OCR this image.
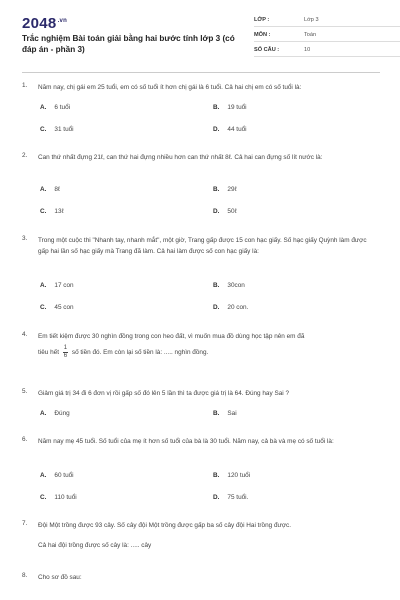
$2048^{.vn}$
Trắc nghiệm Bài toán giải bằng hai bước tính lớp 3 (có đáp án - phần 3)
LỚP :	Lớp 3
MÔN :	Toán
SỐ CÂU :	10
1. Năm nay, chị gái em 25 tuổi, em có số tuổi ít hơn chị gái là 6 tuổi. Cả hai chị em có số tuổi là:
A. 6 tuổi	B. 19 tuổi
C. 31 tuổi	D. 44 tuổi
2. Can thứ nhất đựng 21ℓ, can thứ hai đựng nhiều hơn can thứ nhất 8ℓ. Cả hai can đựng số lít nước là:
A. 8ℓ	B. 29ℓ
C. 13ℓ	D. 50ℓ
3. Trong một cuộc thi "Nhanh tay, nhanh mắt", một giờ, Trang gấp được 15 con hạc giấy. Số hạc giấy Quỳnh làm được gấp hai lần số hạc giấy mà Trang đã làm. Cả hai làm được số con hạc giấy là:
A. 17 con	B. 30con
C. 45 con	D. 20 con.
4. Em tiết kiệm được 30 nghìn đồng trong con heo đất, vì muốn mua đồ dùng học tập nên em đã
tiêu hết $\frac{1}{6}$ số tiền đó. Em còn lại số tiền là: ..... nghìn đồng.
5. Giảm giá trị 34 đi 6 đơn vị rồi gấp số đó lên 5 lần thì ta được giá trị là 64. Đúng hay Sai ?
A. Đúng	B. Sai
6. Năm nay mẹ 45 tuổi. Số tuổi của mẹ ít hơn số tuổi của bà là 30 tuổi. Năm nay, cả bà và mẹ có số tuổi là:
A. 60 tuổi	B. 120 tuổi
C. 110 tuổi	D. 75 tuổi.
7. Đội Một trồng được 93 cây. Số cây đội Một trồng được gấp ba số cây đội Hai trồng được.
Cả hai đội trồng được số cây là: ..... cây
8. Cho sơ đồ sau:
